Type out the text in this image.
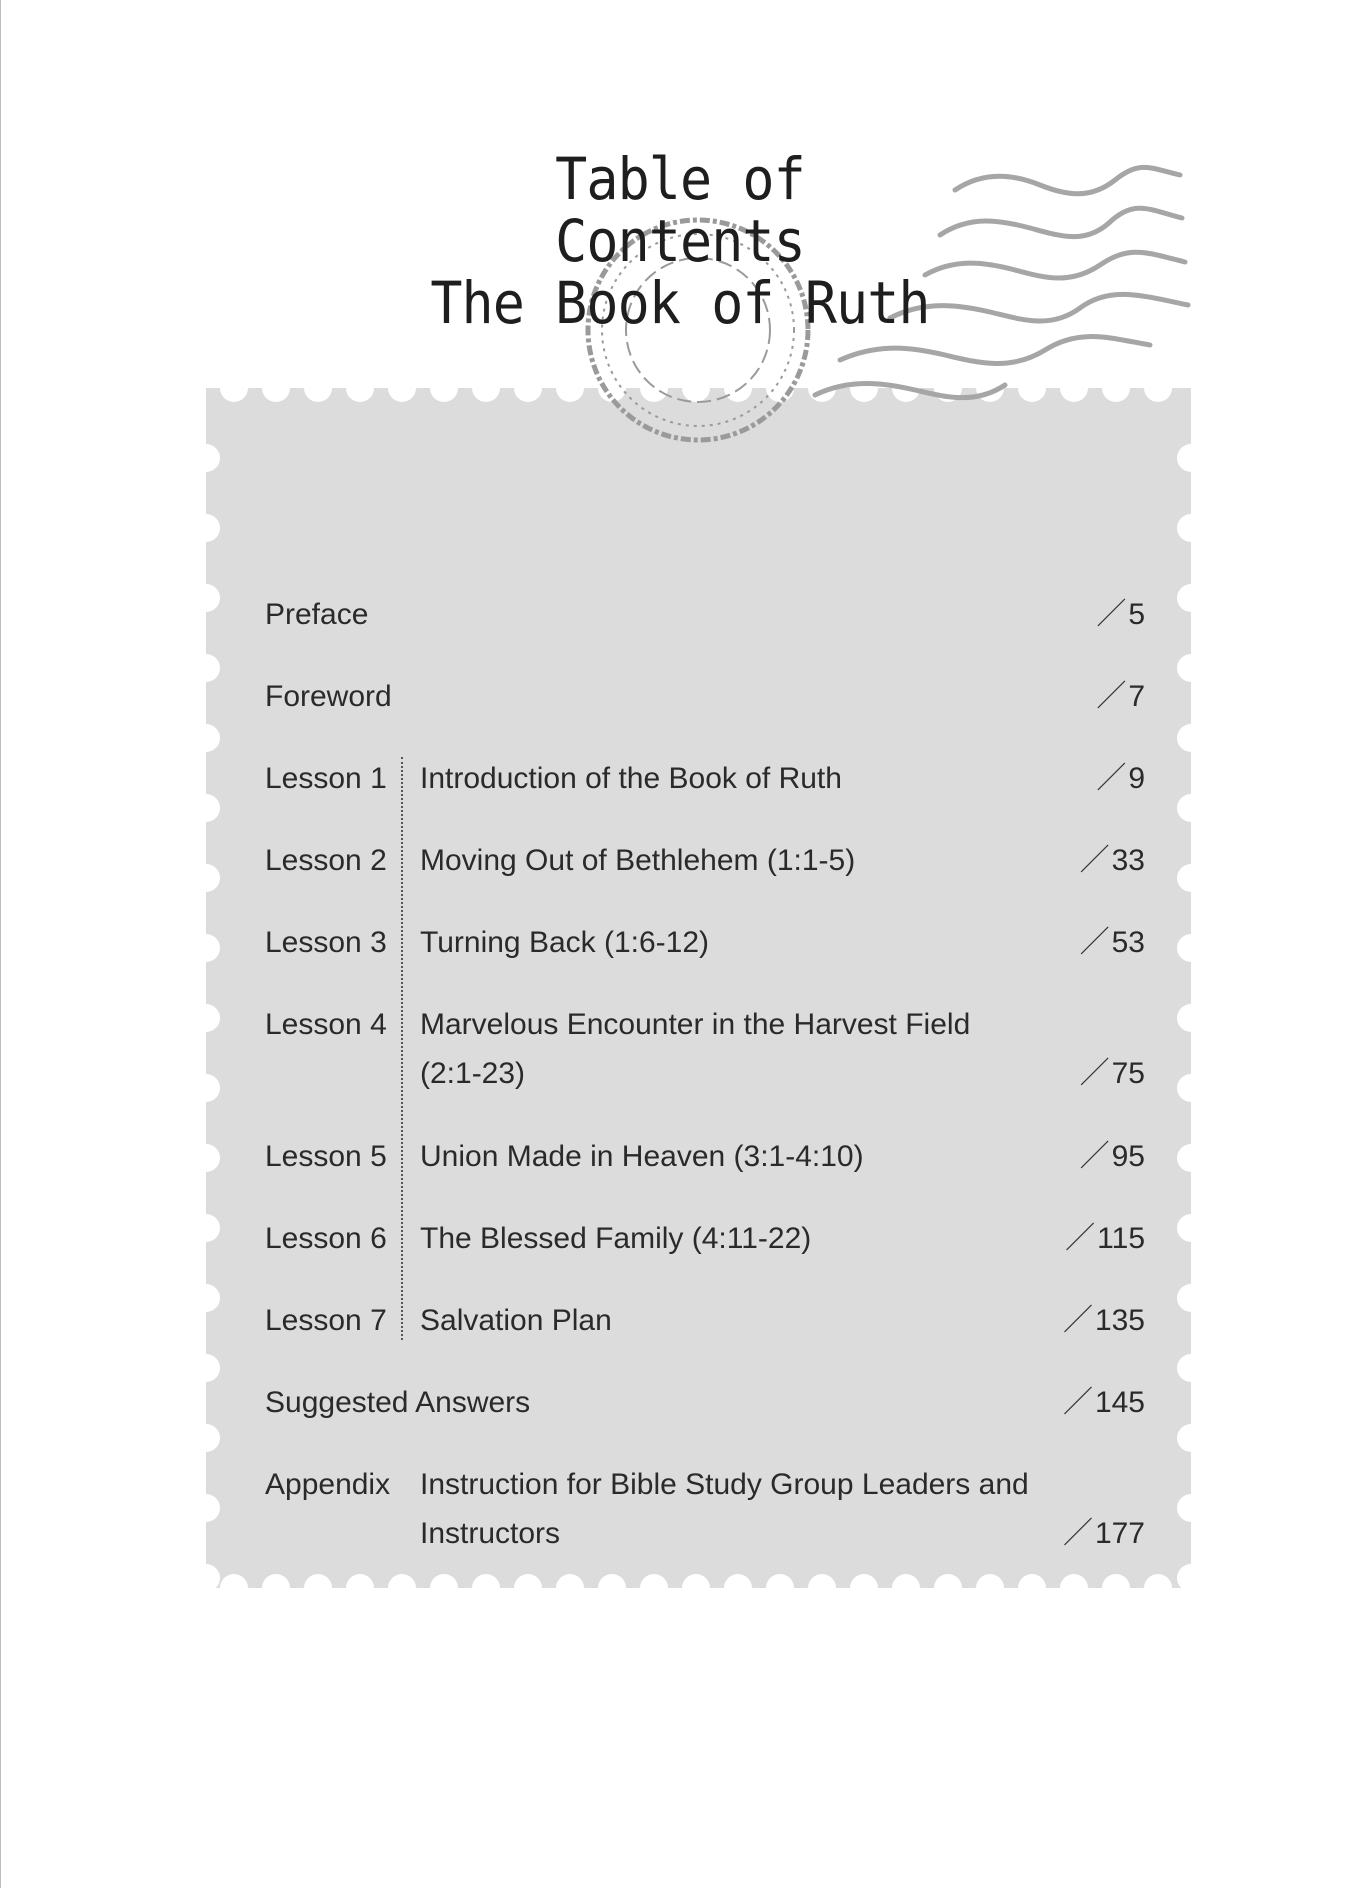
Table of Contents
The Book of Ruth
Preface	／5
Foreword	／7
Lesson 1	Introduction of the Book of Ruth	／9
Lesson 2	Moving Out of Bethlehem (1:1-5)	／33
Lesson 3	Turning Back (1:6-12)	／53
Lesson 4	Marvelous Encounter in the Harvest Field (2:1-23)	／75
Lesson 5	Union Made in Heaven (3:1-4:10)	／95
Lesson 6	The Blessed Family (4:11-22)	／115
Lesson 7	Salvation Plan	／135
Suggested Answers	／145
Appendix Instruction for Bible Study Group Leaders and Instructors	／177
